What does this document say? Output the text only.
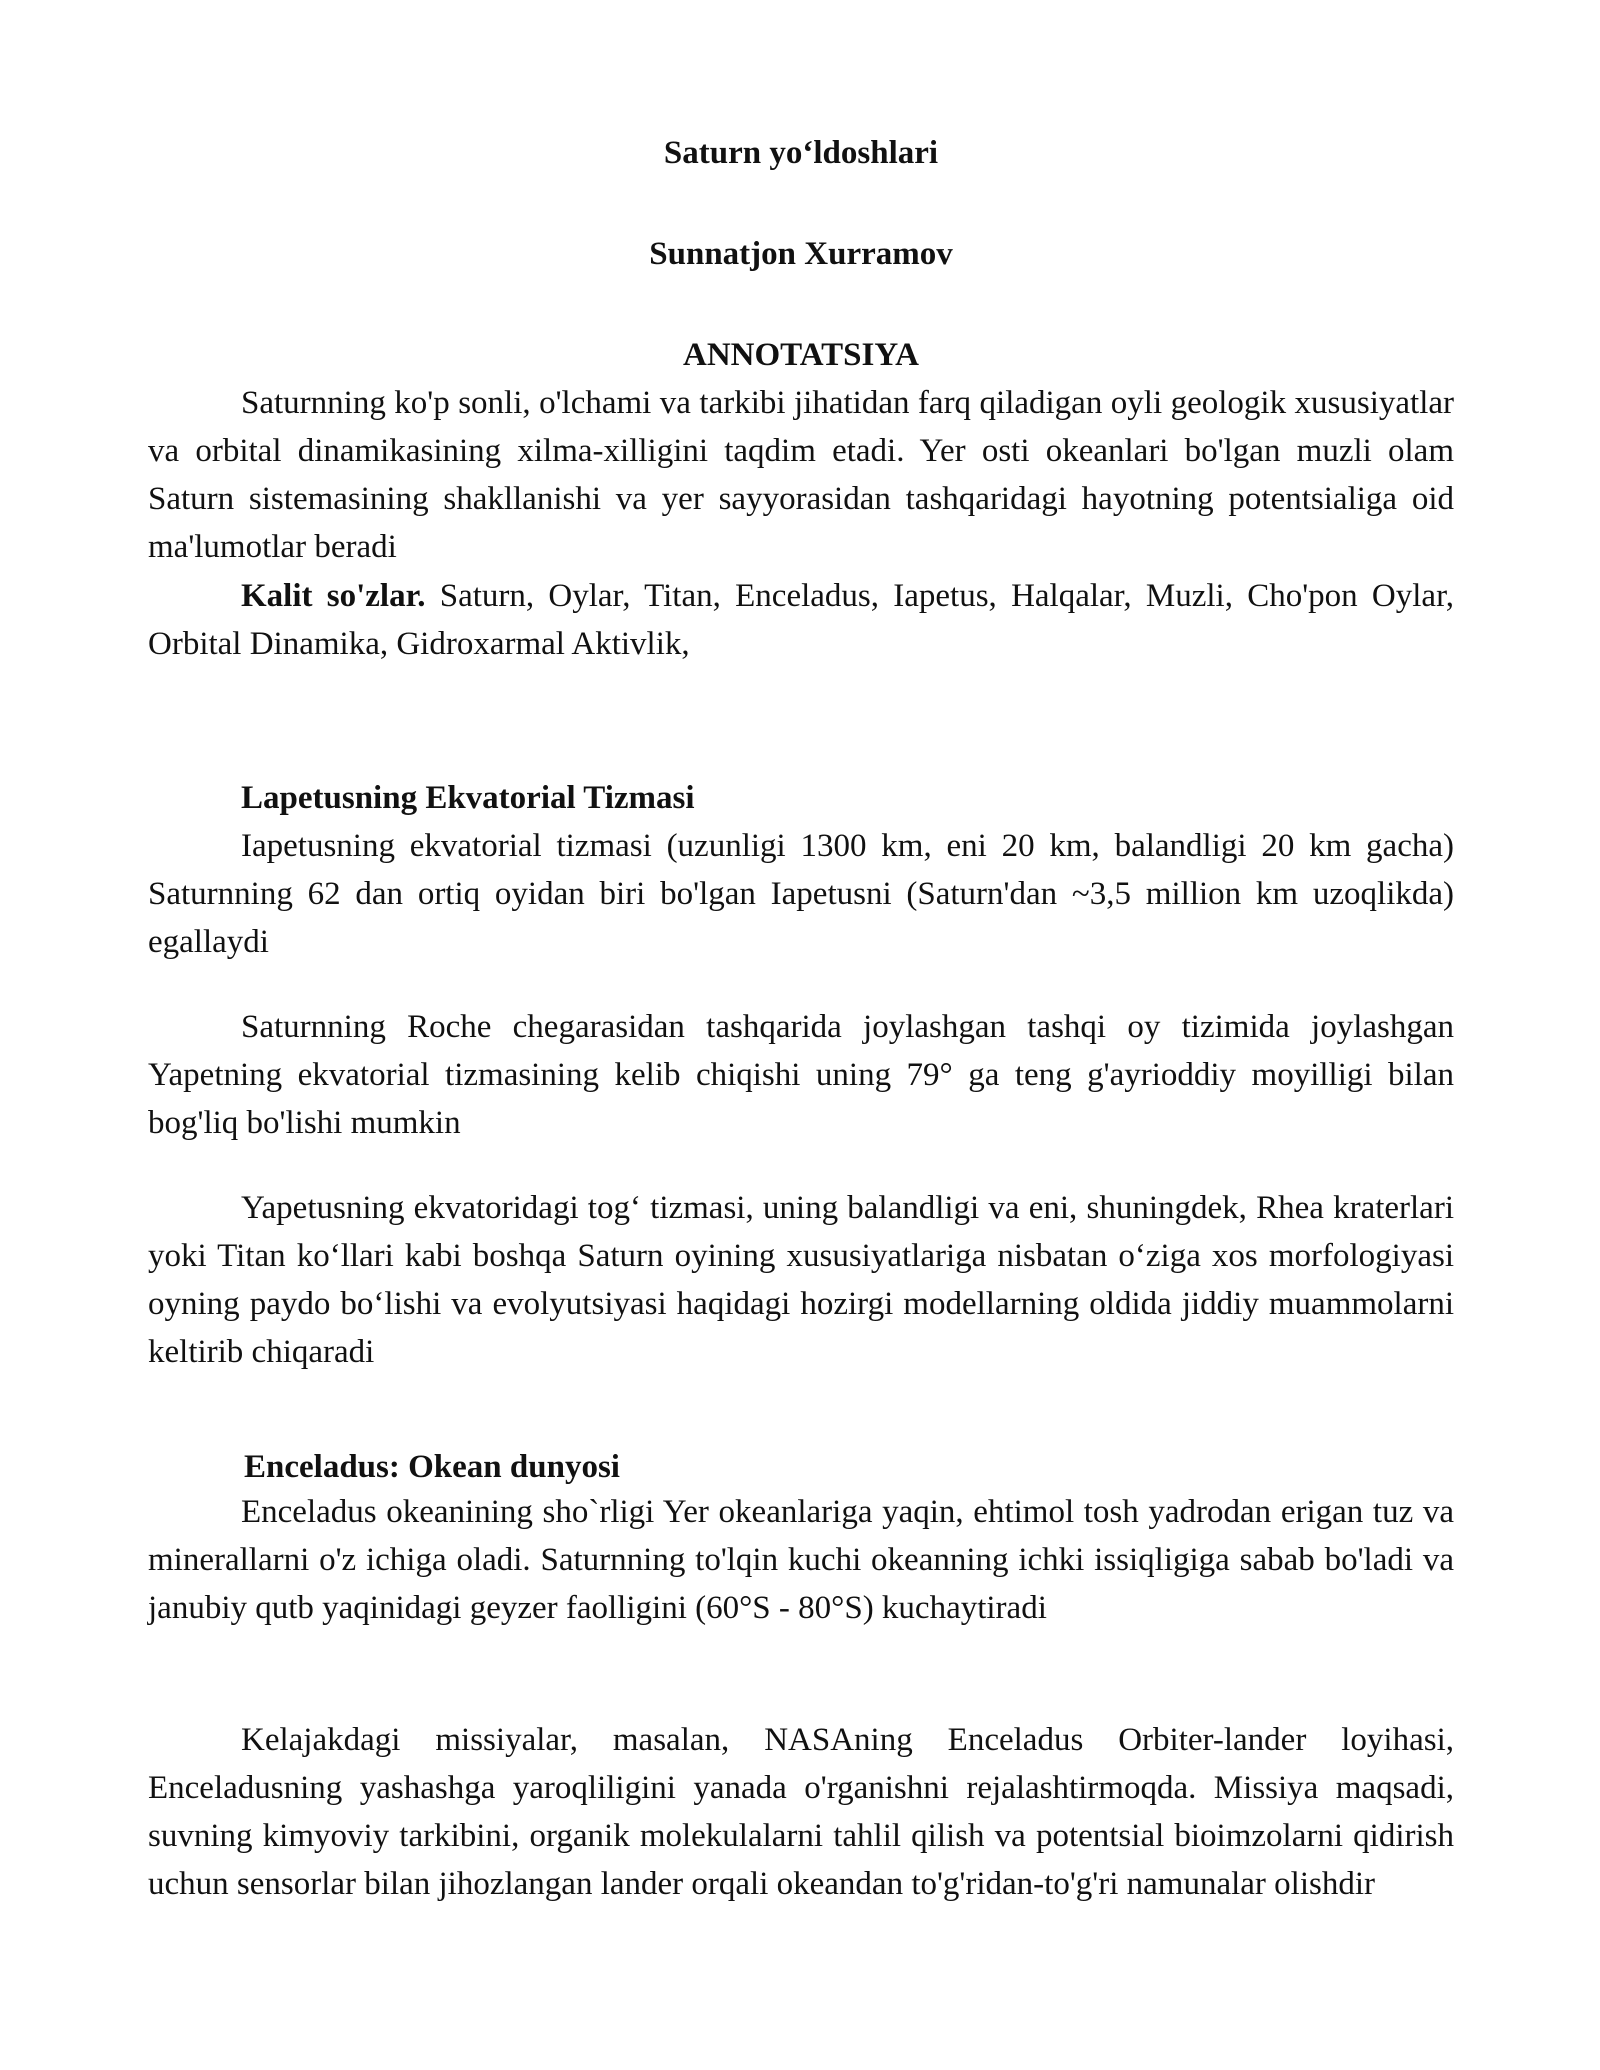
Saturn yo‘ldoshlari

Sunnatjon Xurramov

ANNOTATSIYA

Saturnning ko'p sonli, o'lchami va tarkibi jihatidan farq qiladigan oyli geologik xususiyatlar va orbital dinamikasining xilma-xilligini taqdim etadi. Yer osti okeanlari bo'lgan muzli olam Saturn sistemasining shakllanishi va yer sayyorasidan tashqaridagi hayotning potentsialiga oid ma'lumotlar beradi

Kalit so'zlar. Saturn, Oylar, Titan, Enceladus, Iapetus, Halqalar, Muzli, Cho'pon Oylar, Orbital Dinamika, Gidroxarmal Aktivlik,

Lapetusning Ekvatorial Tizmasi

Iapetusning ekvatorial tizmasi (uzunligi 1300 km, eni 20 km, balandligi 20 km gacha) Saturnning 62 dan ortiq oyidan biri bo'lgan Iapetusni (Saturn'dan ~3,5 million km uzoqlikda) egallaydi

Saturnning Roche chegarasidan tashqarida joylashgan tashqi oy tizimida joylashgan Yapetning ekvatorial tizmasining kelib chiqishi uning 79° ga teng g'ayrioddiy moyilligi bilan bog'liq bo'lishi mumkin

Yapetusning ekvatoridagi tog‘ tizmasi, uning balandligi va eni, shuningdek, Rhea kraterlari yoki Titan ko‘llari kabi boshqa Saturn oyining xususiyatlariga nisbatan o‘ziga xos morfologiyasi oyning paydo bo‘lishi va evolyutsiyasi haqidagi hozirgi modellarning oldida jiddiy muammolarni keltirib chiqaradi

Enceladus: Okean dunyosi

Enceladus okeanining sho`rligi Yer okeanlariga yaqin, ehtimol tosh yadrodan erigan tuz va minerallarni o'z ichiga oladi. Saturnning to'lqin kuchi okeanning ichki issiqligiga sabab bo'ladi va janubiy qutb yaqinidagi geyzer faolligini (60°S - 80°S) kuchaytiradi

Kelajakdagi missiyalar, masalan, NASAning Enceladus Orbiter-lander loyihasi, Enceladusning yashashga yaroqliligini yanada o'rganishni rejalashtirmoqda. Missiya maqsadi, suvning kimyoviy tarkibini, organik molekulalarni tahlil qilish va potentsial bioimzolarni qidirish uchun sensorlar bilan jihozlangan lander orqali okeandan to'g'ridan-to'g'ri namunalar olishdir
